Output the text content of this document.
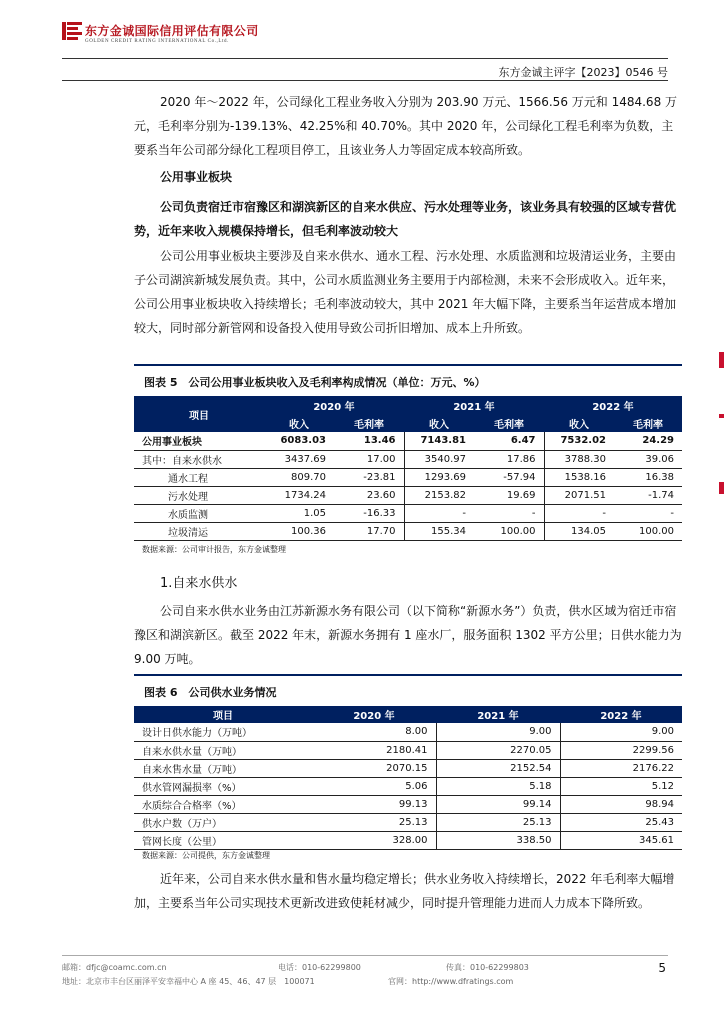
东方金诚国际信用评估有限公司
GOLDEN CREDIT RATING INTERNATIONAL Co.,Ltd.
东方金诚主评字【2023】0546 号
2020 年～2022 年，公司绿化工程业务收入分别为 203.90 万元、1566.56 万元和 1484.68 万元，毛利率分别为-139.13%、42.25%和 40.70%。其中 2020 年，公司绿化工程毛利率为负数，主要系当年公司部分绿化工程项目停工，且该业务人力等固定成本较高所致。
公用事业板块
公司负责宿迁市宿豫区和湖滨新区的自来水供应、污水处理等业务，该业务具有较强的区域专营优势，近年来收入规模保持增长，但毛利率波动较大
公司公用事业板块主要涉及自来水供水、通水工程、污水处理、水质监测和垃圾清运业务，主要由子公司湖滨新城发展负责。其中，公司水质监测业务主要用于内部检测，未来不会形成收入。近年来，公司公用事业板块收入持续增长；毛利率波动较大，其中 2021 年大幅下降，主要系当年运营成本增加较大，同时部分新管网和设备投入使用导致公司折旧增加、成本上升所致。
图表 5　公司公用事业板块收入及毛利率构成情况（单位：万元、%）
项目	2020 年		2021 年		2022 年	
	收入	毛利率	收入	毛利率	收入	毛利率
公用事业板块	6083.03	13.46	7143.81	6.47	7532.02	24.29
其中：自来水供水	3437.69	17.00	3540.97	17.86	3788.30	39.06
通水工程	809.70	-23.81	1293.69	-57.94	1538.16	16.38
污水处理	1734.24	23.60	2153.82	19.69	2071.51	-1.74
水质监测	1.05	-16.33	-	-	-	-
垃圾清运	100.36	17.70	155.34	100.00	134.05	100.00
数据来源：公司审计报告，东方金诚整理
1.自来水供水
公司自来水供水业务由江苏新源水务有限公司（以下简称“新源水务”）负责，供水区域为宿迁市宿豫区和湖滨新区。截至 2022 年末，新源水务拥有 1 座水厂，服务面积 1302 平方公里；日供水能力为 9.00 万吨。
图表 6　公司供水业务情况
项目	2020 年	2021 年	2022 年
设计日供水能力（万吨）	8.00	9.00	9.00
自来水供水量（万吨）	2180.41	2270.05	2299.56
自来水售水量（万吨）	2070.15	2152.54	2176.22
供水管网漏损率（%）	5.06	5.18	5.12
水质综合合格率（%）	99.13	99.14	98.94
供水户数（万户）	25.13	25.13	25.43
管网长度（公里）	328.00	338.50	345.61
数据来源：公司提供，东方金诚整理
近年来，公司自来水供水量和售水量均稳定增长；供水业务收入持续增长，2022 年毛利率大幅增加，主要系当年公司实现技术更新改进致使耗材减少，同时提升管理能力进而人力成本下降所致。
邮箱：dfjc@coamc.com.cn	电话：010-62299800	传真：010-62299803
地址：北京市丰台区丽泽平安幸福中心 A 座 45、46、47 层　100071	官网：http://www.dfratings.com
5
